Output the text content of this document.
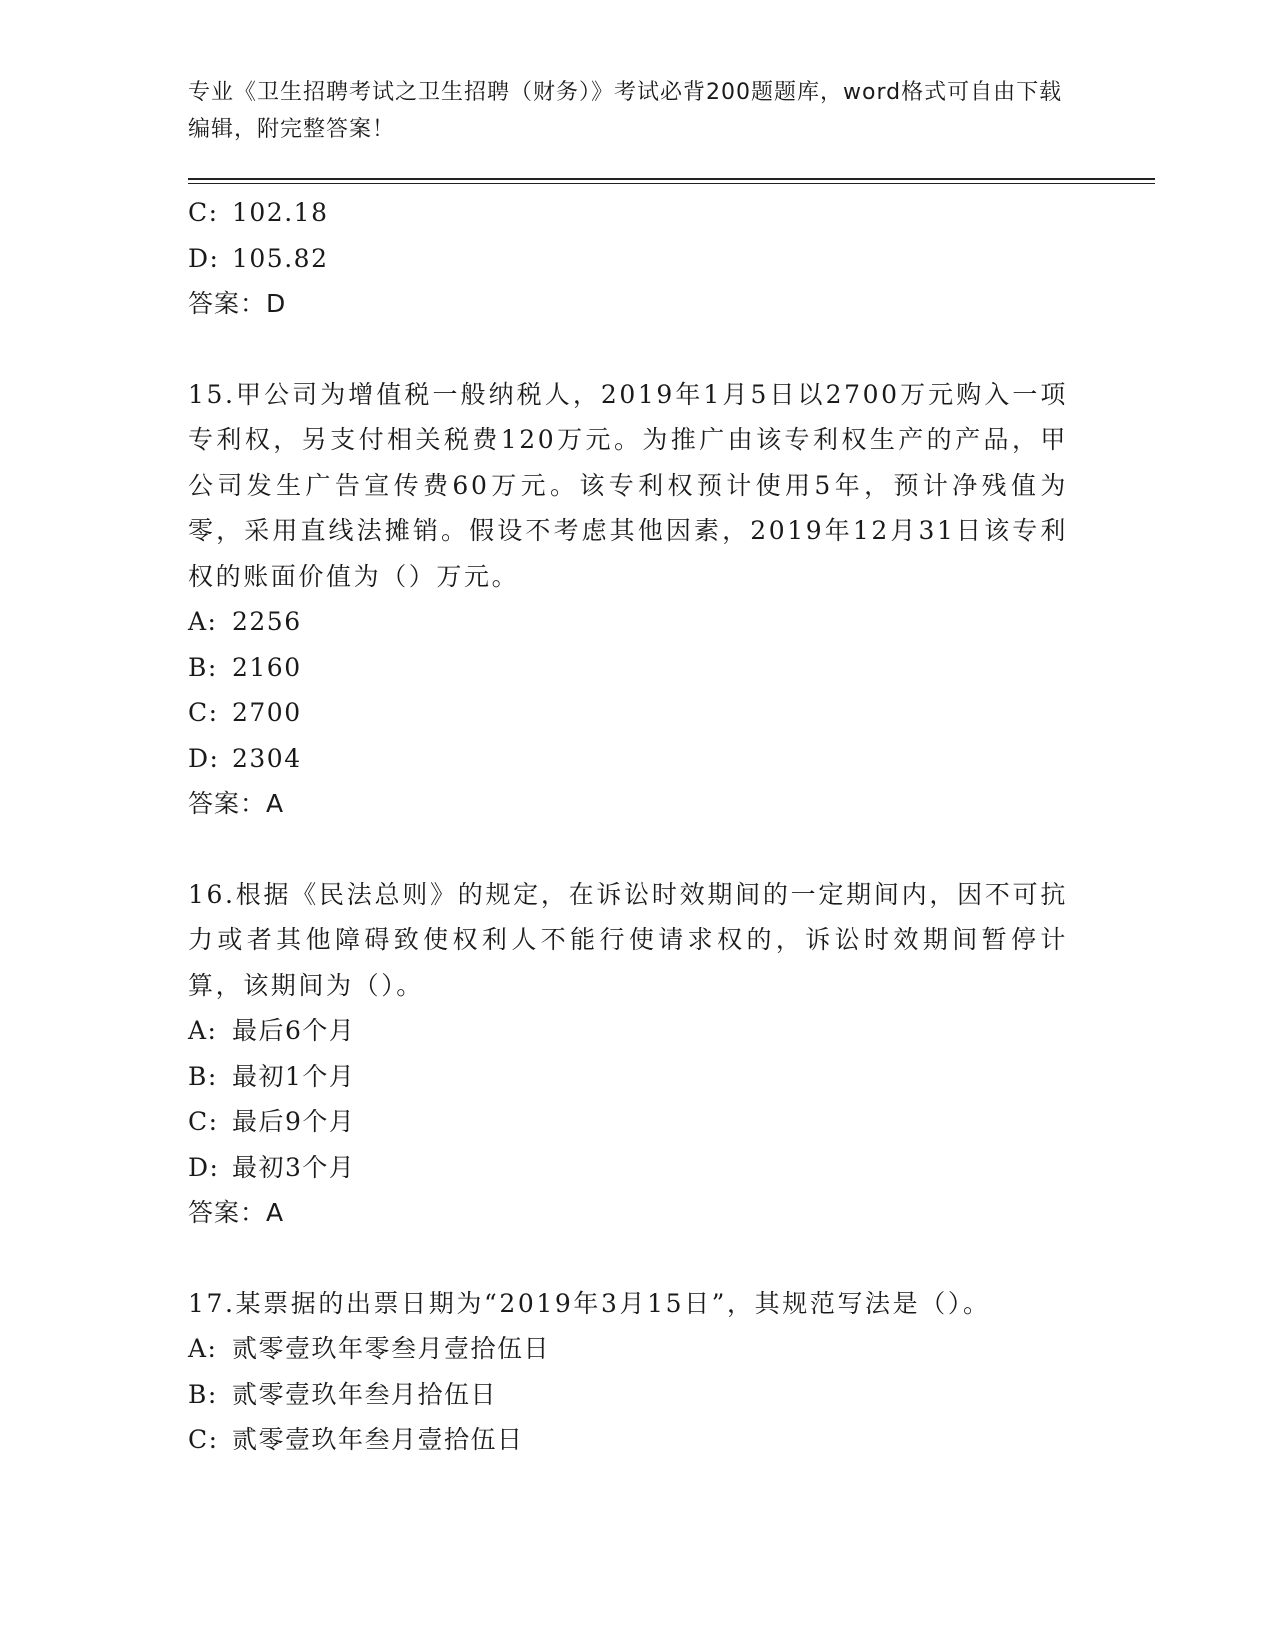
专业《卫生招聘考试之卫生招聘（财务）》考试必背200题题库，word格式可自由下载编辑，附完整答案！
C: 102.18
D: 105.82
答案：D
15.甲公司为增值税一般纳税人，2019年1月5日以2700万元购入一项专利权，另支付相关税费120万元。为推广由该专利权生产的产品，甲公司发生广告宣传费60万元。该专利权预计使用5年，预计净残值为零，采用直线法摊销。假设不考虑其他因素，2019年12月31日该专利权的账面价值为（）万元。
A: 2256
B: 2160
C: 2700
D: 2304
答案：A
16.根据《民法总则》的规定，在诉讼时效期间的一定期间内，因不可抗力或者其他障碍致使权利人不能行使请求权的，诉讼时效期间暂停计算，该期间为（）。
A: 最后6个月
B: 最初1个月
C: 最后9个月
D: 最初3个月
答案：A
17.某票据的出票日期为“2019年3月15日”，其规范写法是（）。
A: 贰零壹玖年零叁月壹拾伍日
B: 贰零壹玖年叁月拾伍日
C: 贰零壹玖年叁月壹拾伍日
